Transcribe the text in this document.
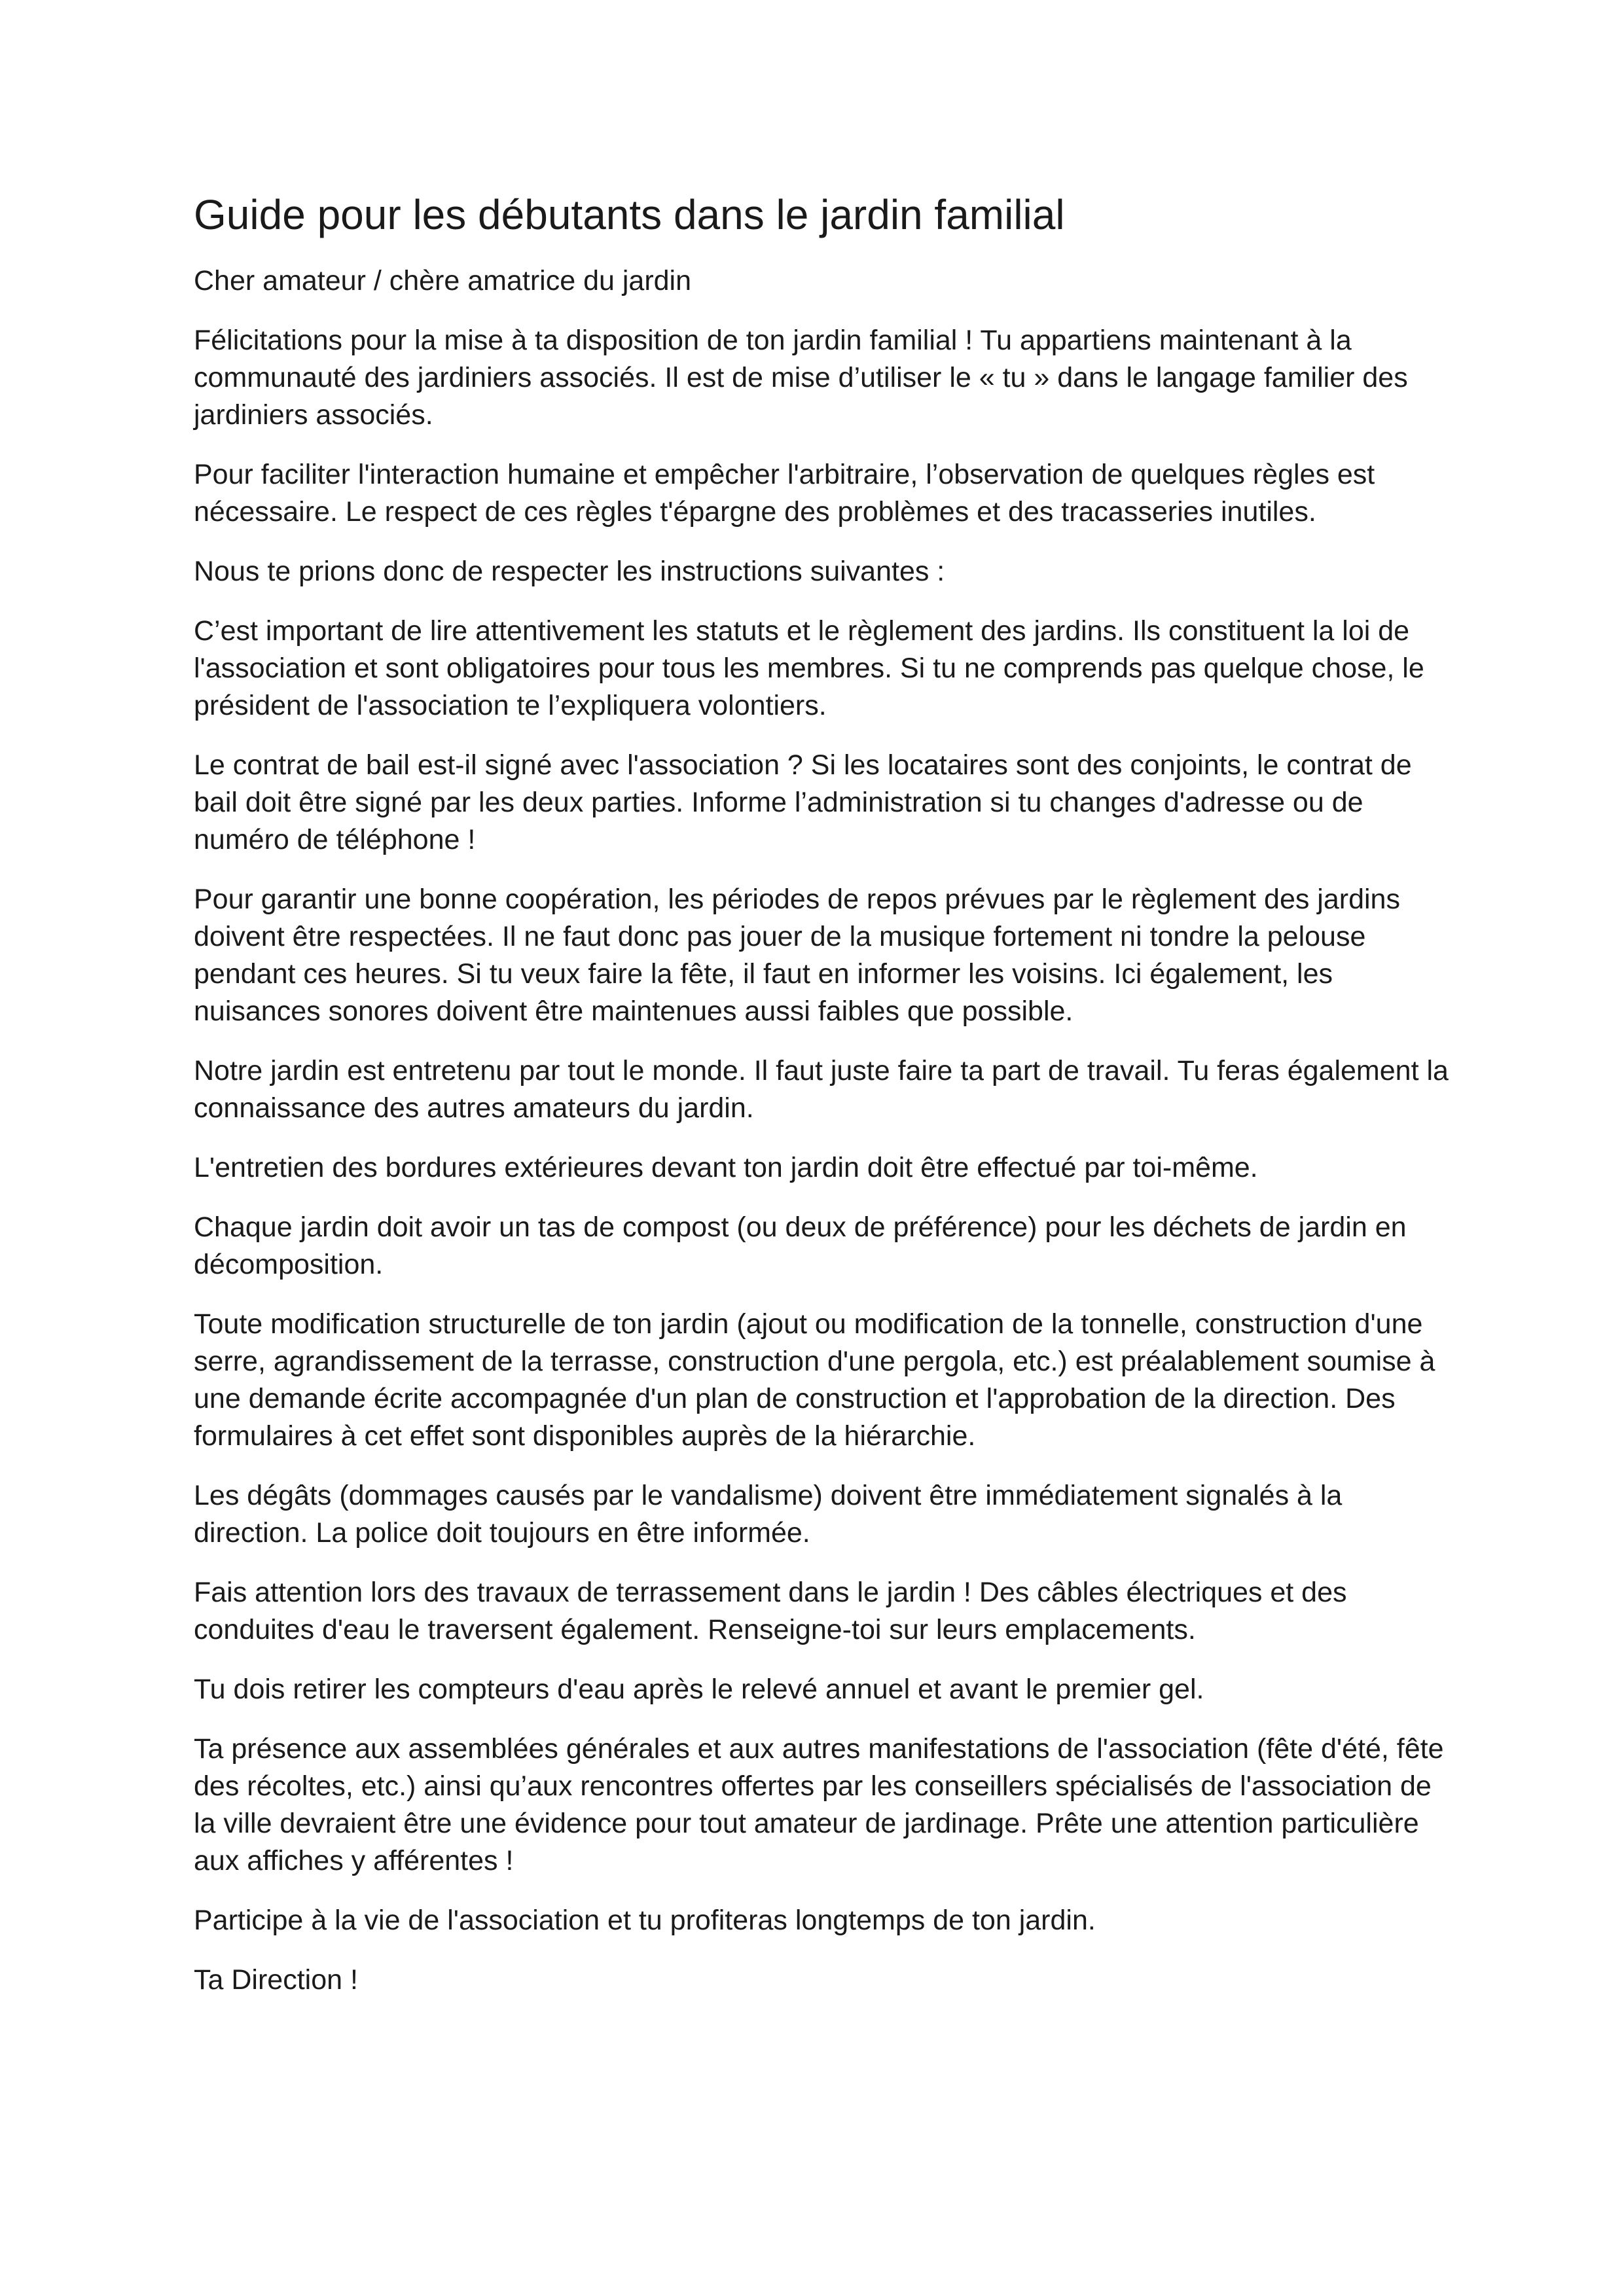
Guide pour les débutants dans le jardin familial

Cher amateur / chère amatrice du jardin

Félicitations pour la mise à ta disposition de ton jardin familial ! Tu appartiens maintenant à la communauté des jardiniers associés. Il est de mise d’utiliser le « tu » dans le langage familier des jardiniers associés.

Pour faciliter l'interaction humaine et empêcher l'arbitraire, l’observation de quelques règles est nécessaire. Le respect de ces règles t'épargne des problèmes et des tracasseries inutiles.

Nous te prions donc de respecter les instructions suivantes :

C’est important de lire attentivement les statuts et le règlement des jardins. Ils constituent la loi de l'association et sont obligatoires pour tous les membres. Si tu ne comprends pas quelque chose, le président de l'association te l’expliquera volontiers.

Le contrat de bail est-il signé avec l'association ? Si les locataires sont des conjoints, le contrat de bail doit être signé par les deux parties. Informe l’administration si tu changes d'adresse ou de numéro de téléphone !

Pour garantir une bonne coopération, les périodes de repos prévues par le règlement des jardins doivent être respectées. Il ne faut donc pas jouer de la musique fortement ni tondre la pelouse pendant ces heures. Si tu veux faire la fête, il faut en informer les voisins. Ici également, les nuisances sonores doivent être maintenues aussi faibles que possible.

Notre jardin est entretenu par tout le monde. Il faut juste faire ta part de travail. Tu feras également la connaissance des autres amateurs du jardin.

L'entretien des bordures extérieures devant ton jardin doit être effectué par toi-même.

Chaque jardin doit avoir un tas de compost (ou deux de préférence) pour les déchets de jardin en décomposition.

Toute modification structurelle de ton jardin (ajout ou modification de la tonnelle, construction d'une serre, agrandissement de la terrasse, construction d'une pergola, etc.) est préalablement soumise à une demande écrite accompagnée d'un plan de construction et l'approbation de la direction. Des formulaires à cet effet sont disponibles auprès de la hiérarchie.

Les dégâts (dommages causés par le vandalisme) doivent être immédiatement signalés à la direction. La police doit toujours en être informée.

Fais attention lors des travaux de terrassement dans le jardin ! Des câbles électriques et des conduites d'eau le traversent également. Renseigne-toi sur leurs emplacements.

Tu dois retirer les compteurs d'eau après le relevé annuel et avant le premier gel.

Ta présence aux assemblées générales et aux autres manifestations de l'association (fête d'été, fête des récoltes, etc.) ainsi qu’aux rencontres offertes par les conseillers spécialisés de l'association de la ville devraient être une évidence pour tout amateur de jardinage. Prête une attention particulière aux affiches y afférentes !

Participe à la vie de l'association et tu profiteras longtemps de ton jardin.

Ta Direction !
